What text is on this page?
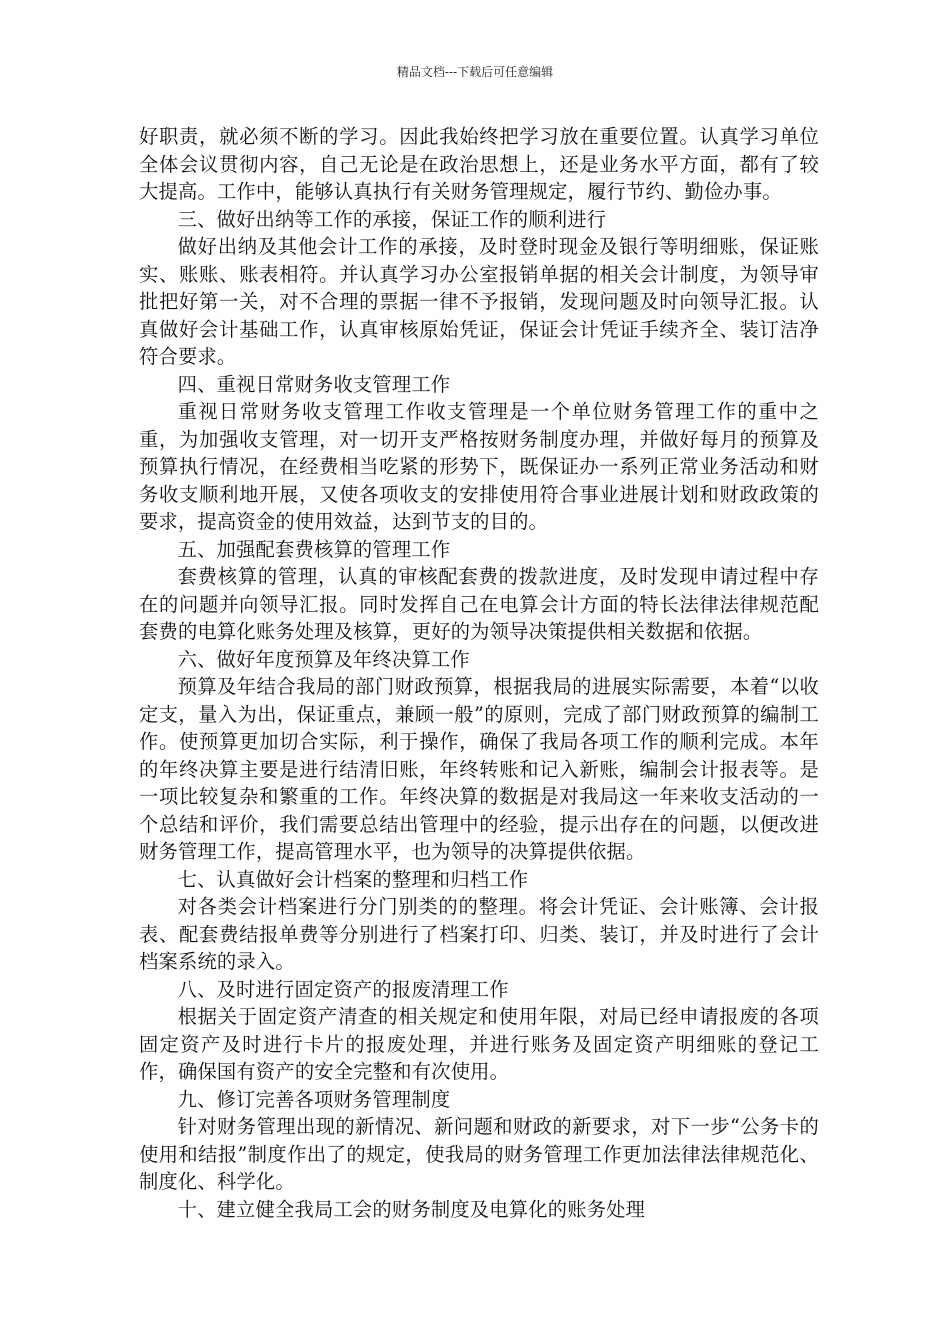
精品文档---下载后可任意编辑

好职责，就必须不断的学习。因此我始终把学习放在重要位置。认真学习单位全体会议贯彻内容，自己无论是在政治思想上，还是业务水平方面，都有了较大提高。工作中，能够认真执行有关财务管理规定，履行节约、勤俭办事。

三、做好出纳等工作的承接，保证工作的顺利进行

做好出纳及其他会计工作的承接，及时登时现金及银行等明细账，保证账实、账账、账表相符。并认真学习办公室报销单据的相关会计制度，为领导审批把好第一关，对不合理的票据一律不予报销，发现问题及时向领导汇报。认真做好会计基础工作，认真审核原始凭证，保证会计凭证手续齐全、装订洁净符合要求。

四、重视日常财务收支管理工作

重视日常财务收支管理工作收支管理是一个单位财务管理工作的重中之重，为加强收支管理，对一切开支严格按财务制度办理，并做好每月的预算及预算执行情况，在经费相当吃紧的形势下，既保证办一系列正常业务活动和财务收支顺利地开展，又使各项收支的安排使用符合事业进展计划和财政政策的要求，提高资金的使用效益，达到节支的目的。

五、加强配套费核算的管理工作

套费核算的管理，认真的审核配套费的拨款进度，及时发现申请过程中存在的问题并向领导汇报。同时发挥自己在电算会计方面的特长法律法律规范配套费的电算化账务处理及核算，更好的为领导决策提供相关数据和依据。

六、做好年度预算及年终决算工作

预算及年结合我局的部门财政预算，根据我局的进展实际需要，本着“以收定支，量入为出，保证重点，兼顾一般”的原则，完成了部门财政预算的编制工作。使预算更加切合实际，利于操作，确保了我局各项工作的顺利完成。本年的年终决算主要是进行结清旧账，年终转账和记入新账，编制会计报表等。是一项比较复杂和繁重的工作。年终决算的数据是对我局这一年来收支活动的一个总结和评价，我们需要总结出管理中的经验，提示出存在的问题，以便改进财务管理工作，提高管理水平，也为领导的决算提供依据。

七、认真做好会计档案的整理和归档工作

对各类会计档案进行分门别类的的整理。将会计凭证、会计账簿、会计报表、配套费结报单费等分别进行了档案打印、归类、装订，并及时进行了会计档案系统的录入。

八、及时进行固定资产的报废清理工作

根据关于固定资产清查的相关规定和使用年限，对局已经申请报废的各项固定资产及时进行卡片的报废处理，并进行账务及固定资产明细账的登记工作，确保国有资产的安全完整和有次使用。

九、修订完善各项财务管理制度

针对财务管理出现的新情况、新问题和财政的新要求，对下一步“公务卡的使用和结报”制度作出了的规定，使我局的财务管理工作更加法律法律规范化、制度化、科学化。

十、建立健全我局工会的财务制度及电算化的账务处理
